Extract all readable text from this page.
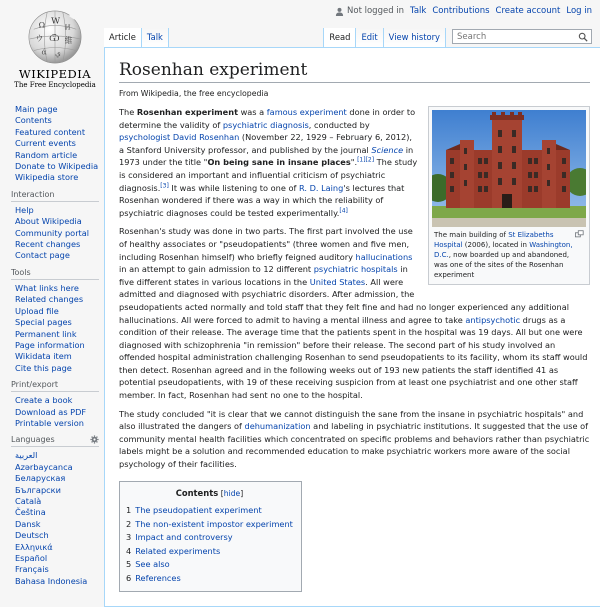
Not logged in Talk Contributions Create account Log in
Ω W
И
ウ Ѿ 維
ά ي
WIKIPEDIA
The Free Encyclopedia
Article	Talk	Read	Edit	View history
Search
Main page
Contents
Featured content
Current events
Random article
Donate to Wikipedia
Wikipedia store
Interaction
Help
About Wikipedia
Community portal
Recent changes
Contact page
Tools
What links here
Related changes
Upload file
Special pages
Permanent link
Page information
Wikidata item
Cite this page
Print/export
Create a book
Download as PDF
Printable version
Languages
العربية
Azərbaycanca
Беларуская
Български
Català
Čeština
Dansk
Deutsch
Ελληνικά
Español
Français
Bahasa Indonesia
Rosenhan experiment
From Wikipedia, the free encyclopedia
The main building of St Elizabeths Hospital (2006), located in Washington, D.C., now boarded up and abandoned, was one of the sites of the Rosenhan experiment

The Rosenhan experiment was a famous experiment done in order to determine the validity of psychiatric diagnosis, conducted by psychologist David Rosenhan (November 22, 1929 – February 6, 2012), a Stanford University professor, and published by the journal Science in 1973 under the title "On being sane in insane places".[1][2] The study is considered an important and influential criticism of psychiatric diagnosis.[3] It was while listening to one of R. D. Laing's lectures that Rosenhan wondered if there was a way in which the reliability of psychiatric diagnoses could be tested experimentally.[4]

Rosenhan's study was done in two parts. The first part involved the use of healthy associates or "pseudopatients" (three women and five men, including Rosenhan himself) who briefly feigned auditory hallucinations in an attempt to gain admission to 12 different psychiatric hospitals in five different states in various locations in the United States. All were admitted and diagnosed with psychiatric disorders. After admission, the pseudopatients acted normally and told staff that they felt fine and had no longer experienced any additional hallucinations. All were forced to admit to having a mental illness and agree to take antipsychotic drugs as a condition of their release. The average time that the patients spent in the hospital was 19 days. All but one were diagnosed with schizophrenia "in remission" before their release. The second part of his study involved an offended hospital administration challenging Rosenhan to send pseudopatients to its facility, whom its staff would then detect. Rosenhan agreed and in the following weeks out of 193 new patients the staff identified 41 as potential pseudopatients, with 19 of these receiving suspicion from at least one psychiatrist and one other staff member. In fact, Rosenhan had sent no one to the hospital.

The study concluded "it is clear that we cannot distinguish the sane from the insane in psychiatric hospitals" and also illustrated the dangers of dehumanization and labeling in psychiatric institutions. It suggested that the use of community mental health facilities which concentrated on specific problems and behaviors rather than psychiatric labels might be a solution and recommended education to make psychiatric workers more aware of the social psychology of their facilities.

Contents [hide]
1 The pseudopatient experiment
2 The non-existent impostor experiment
3 Impact and controversy
4 Related experiments
5 See also
6 References
